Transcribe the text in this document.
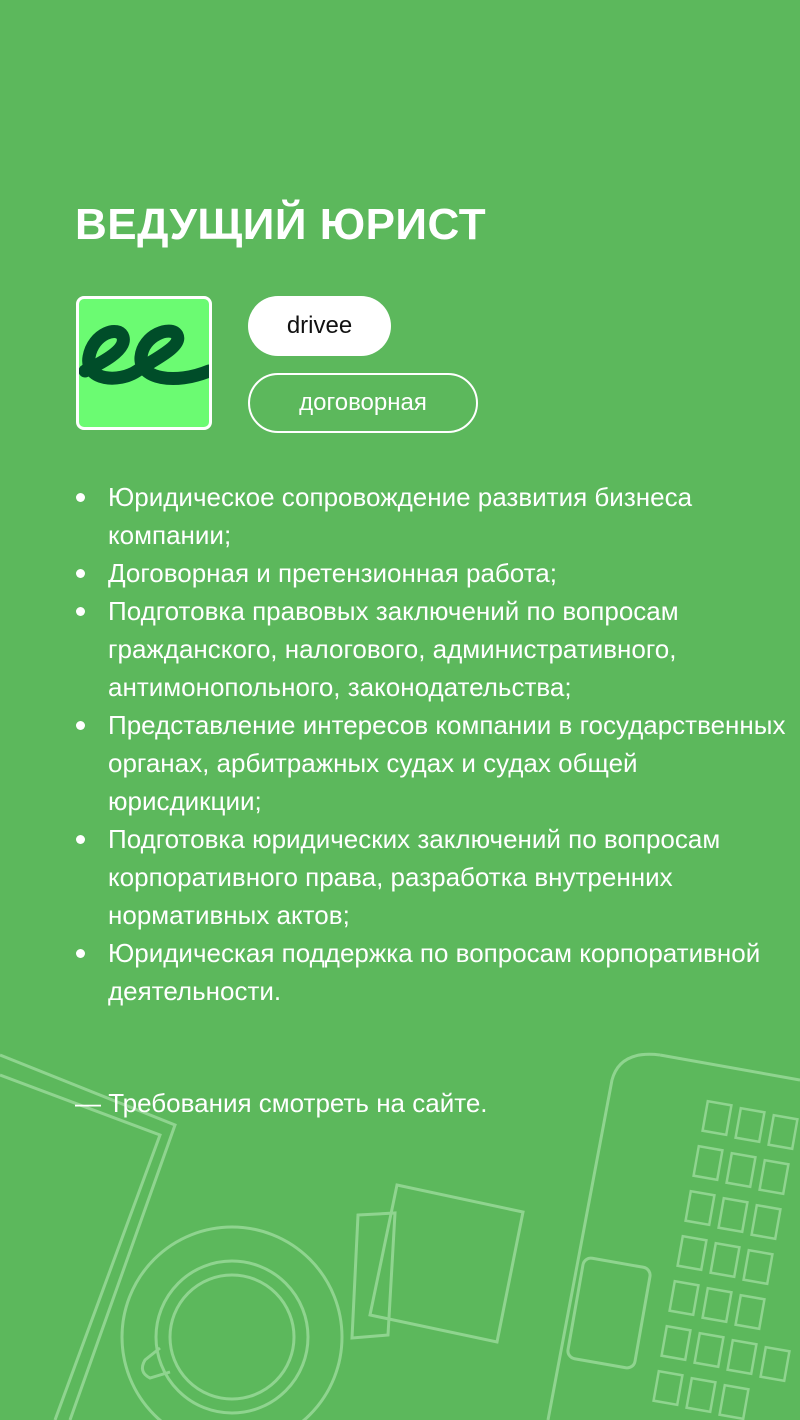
ВЕДУЩИЙ ЮРИСТ
drivee
договорная
Юридическое сопровождение развития бизнеса компании;
Договорная и претензионная работа;
Подготовка правовых заключений по вопросам гражданского, налогового, административного, антимонопольного, законодательства;
Представление интересов компании в государственных органах, арбитражных судах и судах общей юрисдикции;
Подготовка юридических заключений по вопросам корпоративного права, разработка внутренних нормативных актов;
Юридическая поддержка по вопросам корпоративной деятельности.

— Требования смотреть на сайте.
